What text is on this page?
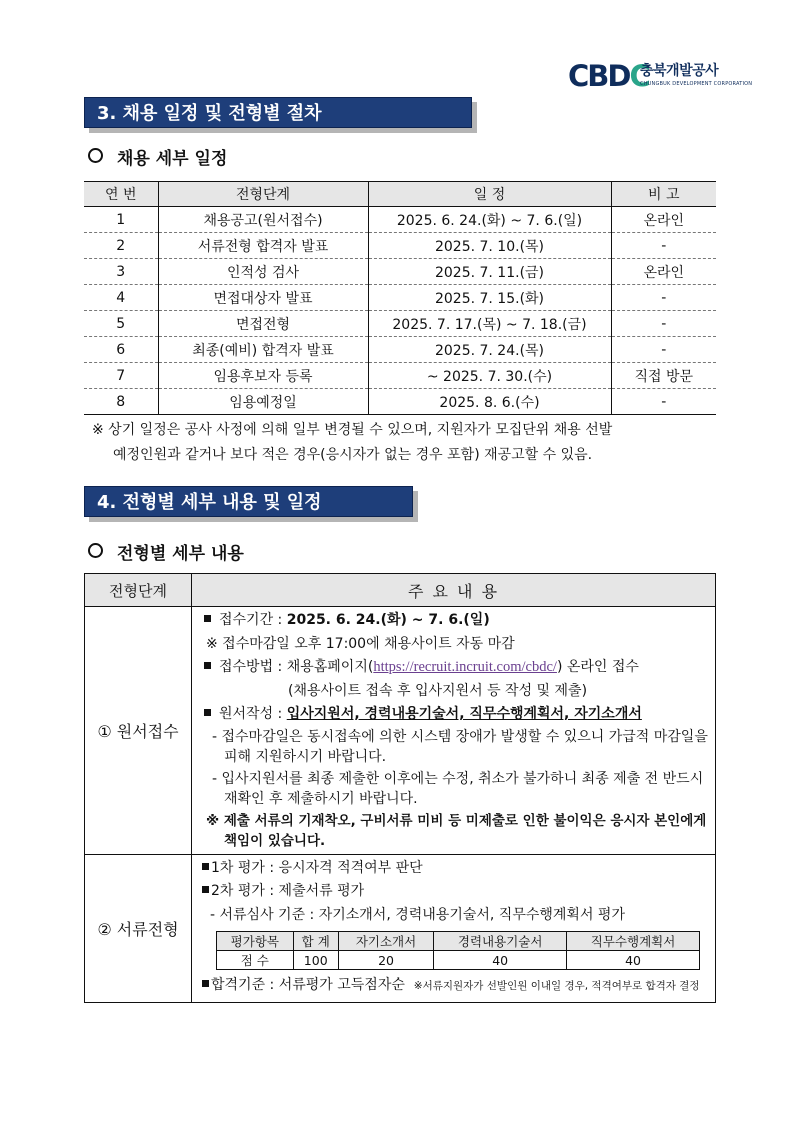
CBDC
충북개발공사
CHUNGBUK DEVELOPMENT CORPORATION
3. 채용 일정 및 전형별 절차
채용 세부 일정
연 번	전형단계	일 정	비 고
1	채용공고(원서접수)	2025. 6. 24.(화) ~ 7. 6.(일)	온라인
2	서류전형 합격자 발표	2025. 7. 10.(목)	-
3	인적성 검사	2025. 7. 11.(금)	온라인
4	면접대상자 발표	2025. 7. 15.(화)	-
5	면접전형	2025. 7. 17.(목) ~ 7. 18.(금)	-
6	최종(예비) 합격자 발표	2025. 7. 24.(목)	-
7	임용후보자 등록	~ 2025. 7. 30.(수)	직접 방문
8	임용예정일	2025. 8. 6.(수)	-
※ 상기 일정은 공사 사정에 의해 일부 변경될 수 있으며, 지원자가 모집단위 채용 선발
예정인원과 같거나 보다 적은 경우(응시자가 없는 경우 포함) 재공고할 수 있음.
4. 전형별 세부 내용 및 일정
전형별 세부 내용
전형단계	주 요 내 용
① 원서접수	
접수기간 : 2025. 6. 24.(화) ~ 7. 6.(일)
※ 접수마감일 오후 17:00에 채용사이트 자동 마감
접수방법 : 채용홈페이지(https://recruit.incruit.com/cbdc/) 온라인 접수
(채용사이트 접속 후 입사지원서 등 작성 및 제출)
원서작성 : 입사지원서, 경력내용기술서, 직무수행계획서, 자기소개서
- 접수마감일은 동시접속에 의한 시스템 장애가 발생할 수 있으니 가급적 마감일을
피해 지원하시기 바랍니다.
- 입사지원서를 최종 제출한 이후에는 수정, 취소가 불가하니 최종 제출 전 반드시
재확인 후 제출하시기 바랍니다.
※ 제출 서류의 기재착오, 구비서류 미비 등 미제출로 인한 불이익은 응시자 본인에게
책임이 있습니다.

② 서류전형	
1차 평가 : 응시자격 적격여부 판단
2차 평가 : 제출서류 평가
- 서류심사 기준 : 자기소개서, 경력내용기술서, 직무수행계획서 평가
평가항목	합 계	자기소개서	경력내용기술서	직무수행계획서
점 수	100	20	40	40
합격기준 : 서류평가 고득점자순 ※서류지원자가 선발인원 이내일 경우, 적격여부로 합격자 결정
